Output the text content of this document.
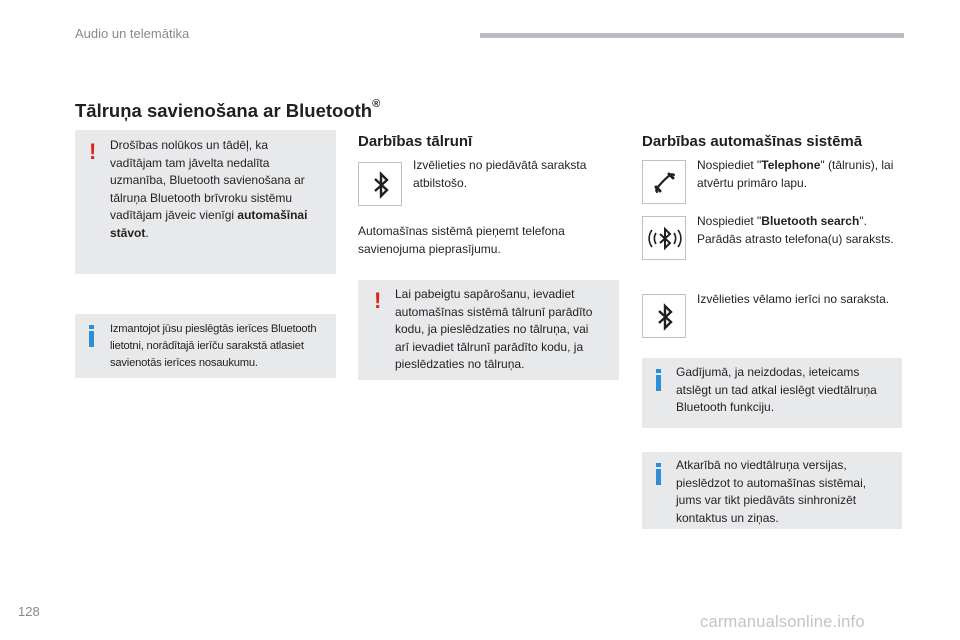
Audio un telemātika
Tālruņa savienošana ar Bluetooth®
! Drošības nolūkos un tādēļ, ka
vadītājam tam jāvelta nedalīta
uzmanība, Bluetooth savienošana ar
tālruņa Bluetooth brīvroku sistēmu
vadītājam jāveic vienīgi automašīnai
stāvot.
Izmantojot jūsu pieslēgtās ierīces Bluetooth
lietotni, norādītajā ierīču sarakstā atlasiet
savienotās ierīces nosaukumu.
Darbības tālrunī
Izvēlieties no piedāvātā saraksta
atbilstošo.
Automašīnas sistēmā pieņemt telefona
savienojuma pieprasījumu.
! Lai pabeigtu sapārošanu, ievadiet
automašīnas sistēmā tālrunī parādīto
kodu, ja pieslēdzaties no tālruņa, vai
arī ievadiet tālrunī parādīto kodu, ja
pieslēdzaties no tālruņa.
Darbības automašīnas sistēmā
Nospiediet "Telephone" (tālrunis), lai
atvērtu primāro lapu.
Nospiediet "Bluetooth search".
Parādās atrasto telefona(u) saraksts.
Izvēlieties vēlamo ierīci no saraksta.
Gadījumā, ja neizdodas, ieteicams
atslēgt un tad atkal ieslēgt viedtālruņa
Bluetooth funkciju.
Atkarībā no viedtālruņa versijas,
pieslēdzot to automašīnas sistēmai,
jums var tikt piedāvāts sinhronizēt
kontaktus un ziņas.
128
carmanualsonline.info
